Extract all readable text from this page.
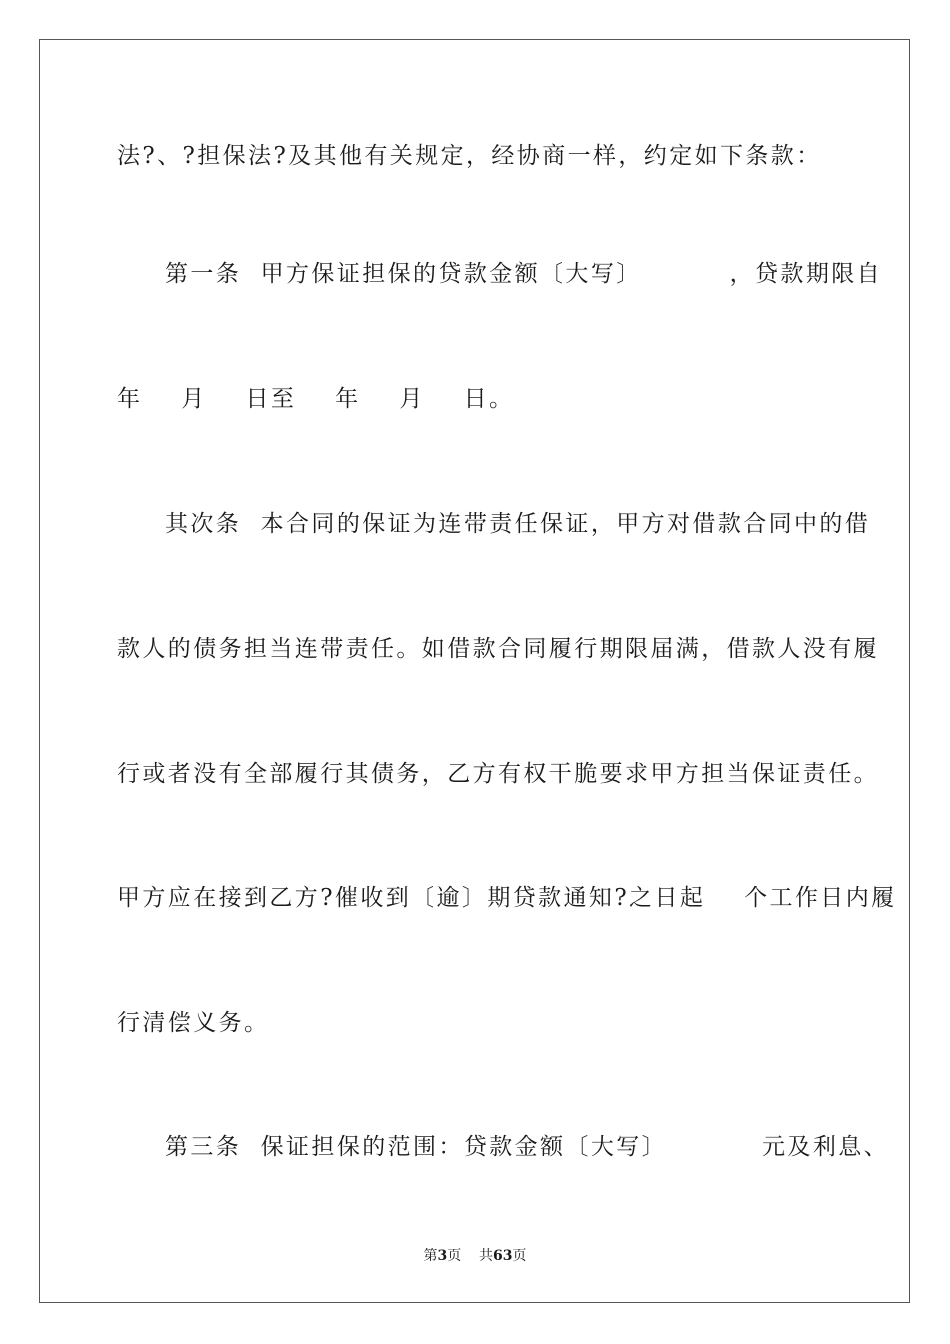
法?、?担保法?及其他有关规定，经协商一样，约定如下条款：
第一条  甲方保证担保的贷款金额〔大写〕	，贷款期限自
年    月    日至    年    月    日。
其次条  本合同的保证为连带责任保证，甲方对借款合同中的借
款人的债务担当连带责任。如借款合同履行期限届满，借款人没有履
行或者没有全部履行其债务，乙方有权干脆要求甲方担当保证责任。
甲方应在接到乙方?催收到〔逾〕期贷款通知?之日起    个工作日内履
行清偿义务。
第三条  保证担保的范围：贷款金额〔大写〕	元及利息、
第3页    共63页
